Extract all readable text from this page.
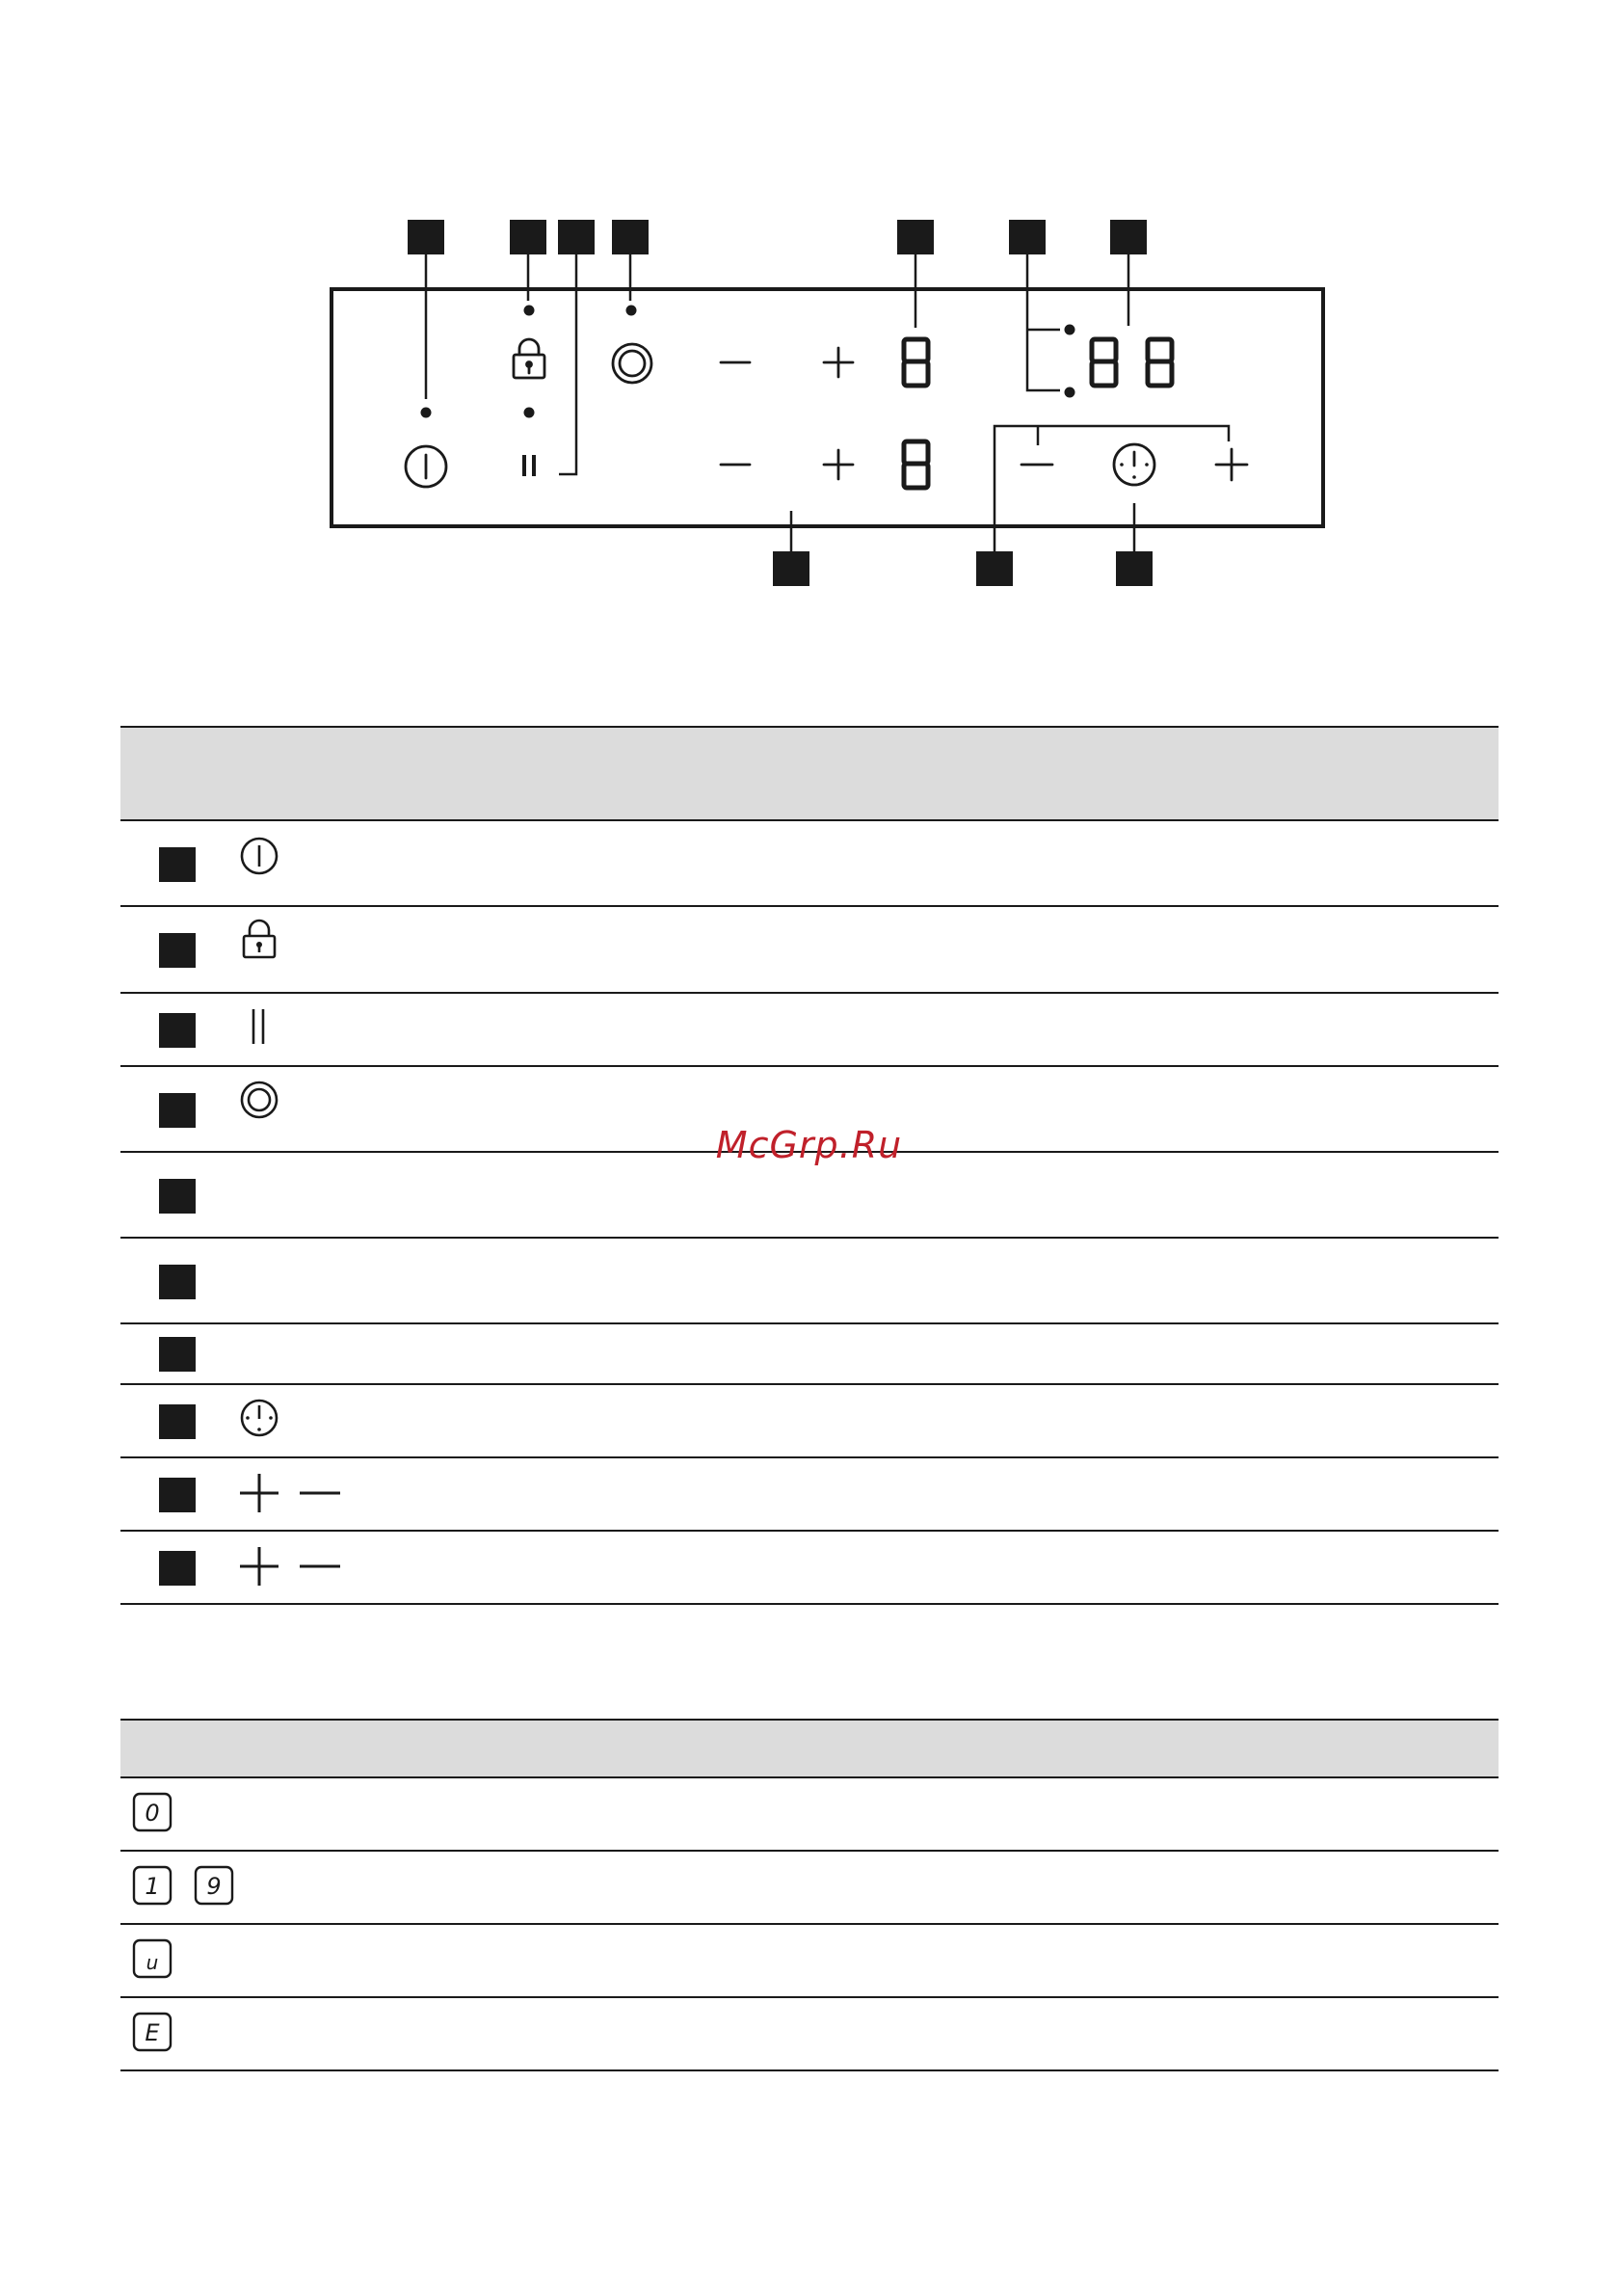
McGrp.Ru
0
1 9
u
E
